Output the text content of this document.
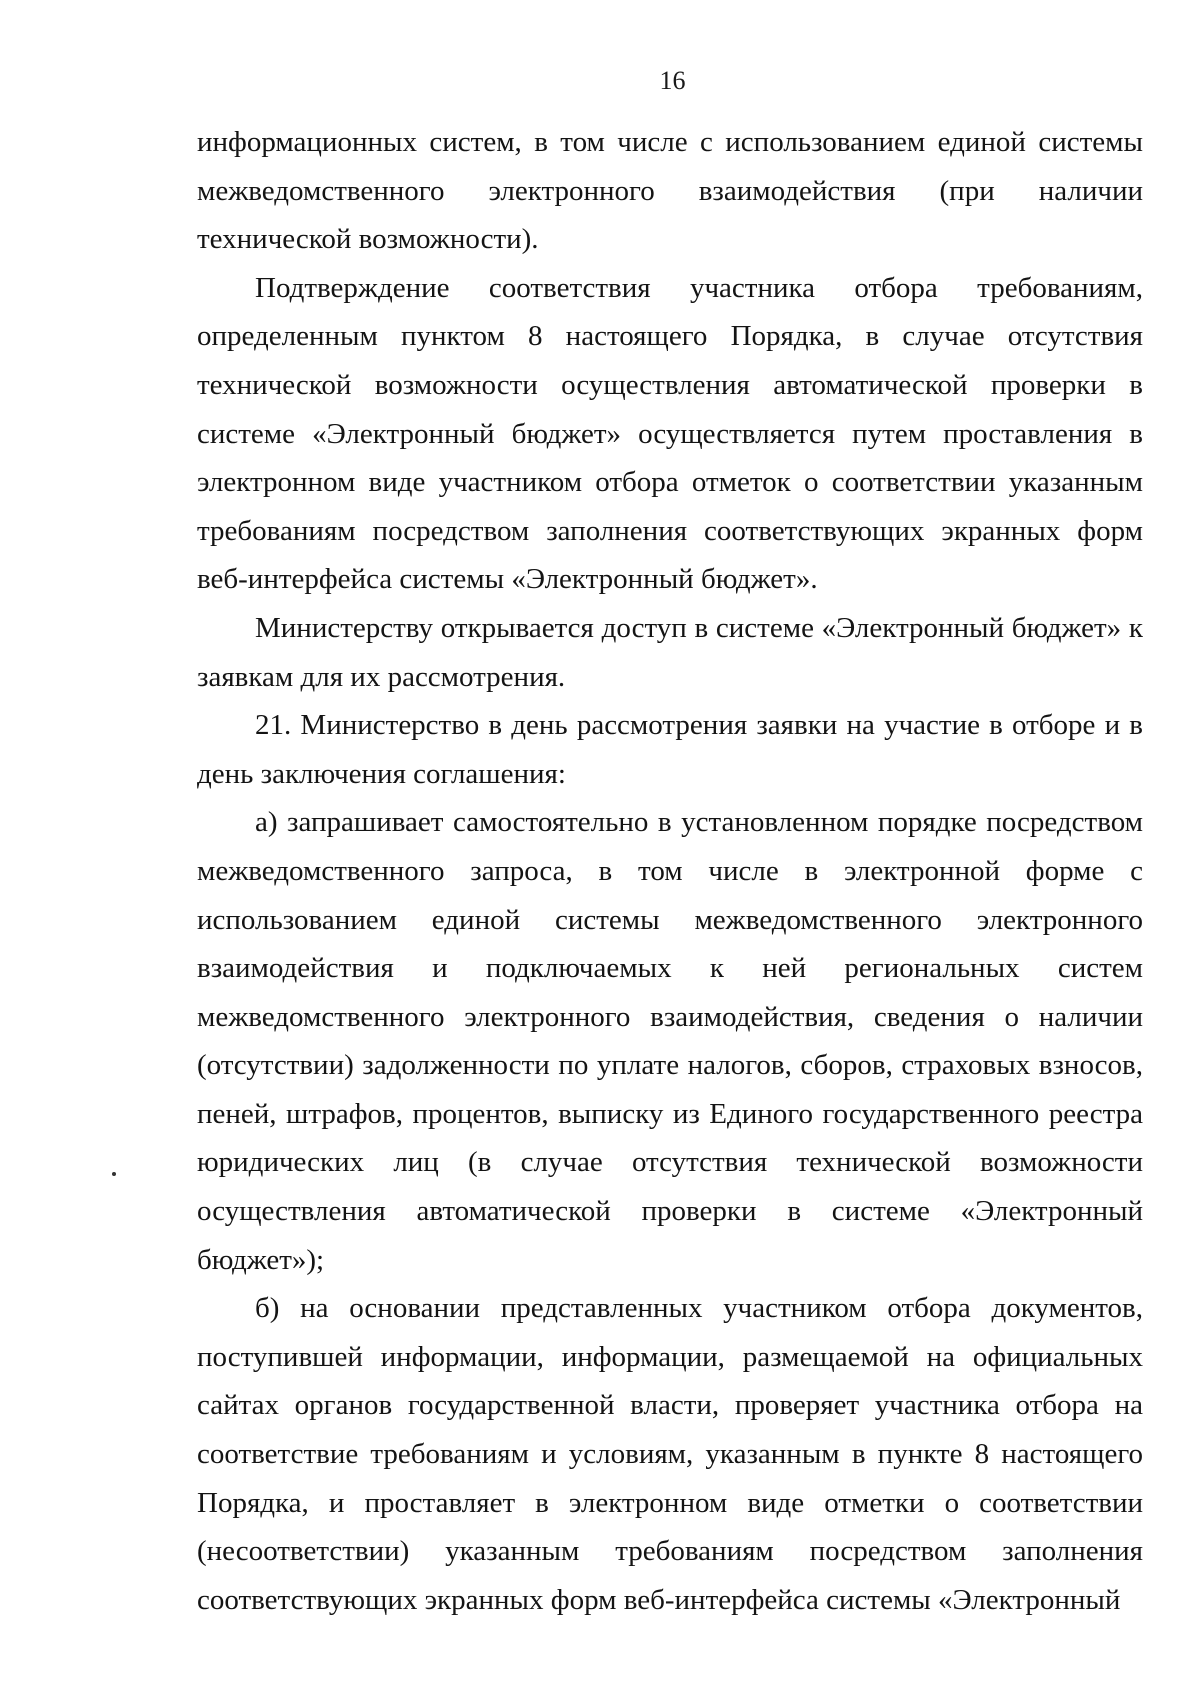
16

информационных систем, в том числе с использованием единой системы межведомственного электронного взаимодействия (при наличии технической возможности).

Подтверждение соответствия участника отбора требованиям, определенным пунктом 8 настоящего Порядка, в случае отсутствия технической возможности осуществления автоматической проверки в системе «Электронный бюджет» осуществляется путем проставления в электронном виде участником отбора отметок о соответствии указанным требованиям посредством заполнения соответствующих экранных форм веб-интерфейса системы «Электронный бюджет».

Министерству открывается доступ в системе «Электронный бюджет» к заявкам для их рассмотрения.

21. Министерство в день рассмотрения заявки на участие в отборе и в день заключения соглашения:

а) запрашивает самостоятельно в установленном порядке посредством межведомственного запроса, в том числе в электронной форме с использованием единой системы межведомственного электронного взаимодействия и подключаемых к ней региональных систем межведомственного электронного взаимодействия, сведения о наличии (отсутствии) задолженности по уплате налогов, сборов, страховых взносов, пеней, штрафов, процентов, выписку из Единого государственного реестра юридических лиц (в случае отсутствия технической возможности осуществления автоматической проверки в системе «Электронный бюджет»);

б) на основании представленных участником отбора документов, поступившей информации, информации, размещаемой на официальных сайтах органов государственной власти, проверяет участника отбора на соответствие требованиям и условиям, указанным в пункте 8 настоящего Порядка, и проставляет в электронном виде отметки о соответствии (несоответствии) указанным требованиям посредством заполнения соответствующих экранных форм веб-интерфейса системы «Электронный
